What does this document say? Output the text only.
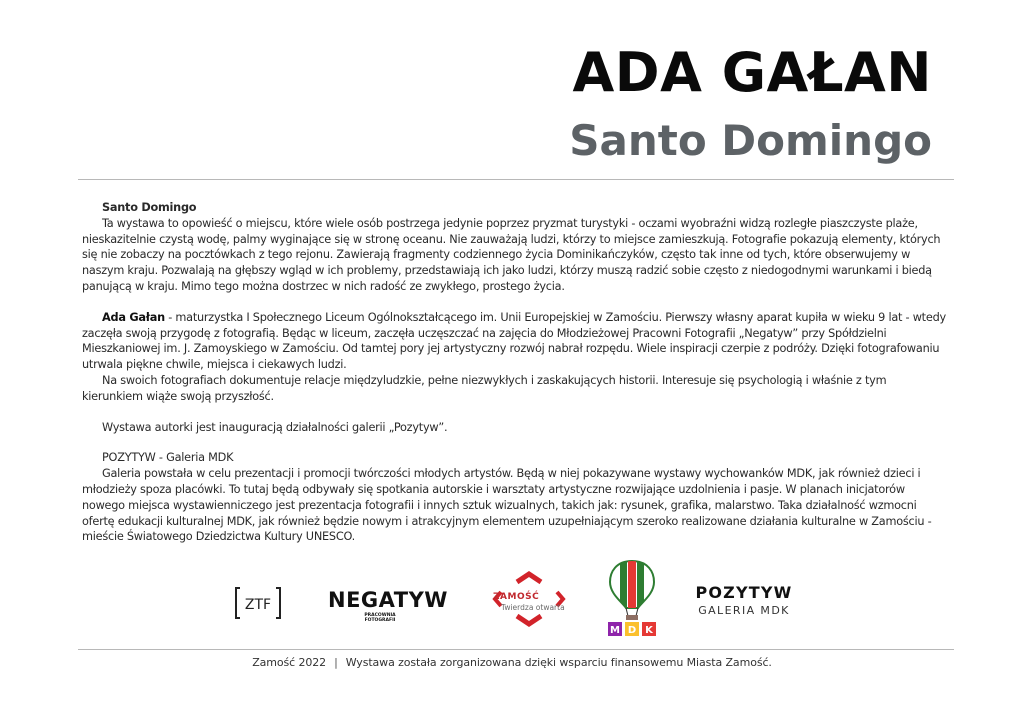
ADA GAŁAN
Santo Domingo
Santo Domingo

Ta wystawa to opowieść o miejscu, które wiele osób postrzega jedynie poprzez pryzmat turystyki - oczami wyobraźni widzą rozległe piaszczyste plaże, nieskazitelnie czystą wodę, palmy wyginające się w stronę oceanu. Nie zauważają ludzi, którzy to miejsce zamieszkują. Fotografie pokazują elementy, których się nie zobaczy na pocztówkach z tego rejonu. Zawierają fragmenty codziennego życia Dominikańczyków, często tak inne od tych, które obserwujemy w naszym kraju. Pozwalają na głębszy wgląd w ich problemy, przedstawiają ich jako ludzi, którzy muszą radzić sobie często z niedogodnymi warunkami i biedą panującą w kraju. Mimo tego można dostrzec w nich radość ze zwykłego, prostego życia.

Ada Gałan - maturzystka I Społecznego Liceum Ogólnokształcącego im. Unii Europejskiej w Zamościu. Pierwszy własny aparat kupiła w wieku 9 lat - wtedy zaczęła swoją przygodę z fotografią. Będąc w liceum, zaczęła uczęszczać na zajęcia do Młodzieżowej Pracowni Fotografii „Negatyw” przy Spółdzielni Mieszkaniowej im. J. Zamoyskiego w Zamościu. Od tamtej pory jej artystyczny rozwój nabrał rozpędu. Wiele inspiracji czerpie z podróży. Dzięki fotografowaniu utrwala piękne chwile, miejsca i ciekawych ludzi.

Na swoich fotografiach dokumentuje relacje międzyludzkie, pełne niezwykłych i zaskakujących historii. Interesuje się psychologią i właśnie z tym kierunkiem wiąże swoją przyszłość.

Wystawa autorki jest inauguracją działalności galerii „Pozytyw”.

POZYTYW - Galeria MDK

Galeria powstała w celu prezentacji i promocji twórczości młodych artystów. Będą w niej pokazywane wystawy wychowanków MDK, jak również dzieci i młodzieży spoza placówki. To tutaj będą odbywały się spotkania autorskie i warsztaty artystyczne rozwijające uzdolnienia i pasje. W planach inicjatorów nowego miejsca wystawienniczego jest prezentacja fotografii i innych sztuk wizualnych, takich jak: rysunek, grafika, malarstwo. Taka działalność wzmocni ofertę edukacji kulturalnej MDK, jak również będzie nowym i atrakcyjnym elementem uzupełniającym szeroko realizowane działania kulturalne w Zamościu - mieście Światowego Dziedzictwa Kultury UNESCO.

ZTF	NEGATYW
PRACOWNIA
FOTOGRAFII
ZAMOŚĆ
Twierdza otwarta
M D K
POZYTYW
GALERIA MDK
Zamość 2022 | Wystawa została zorganizowana dzięki wsparciu finansowemu Miasta Zamość.
